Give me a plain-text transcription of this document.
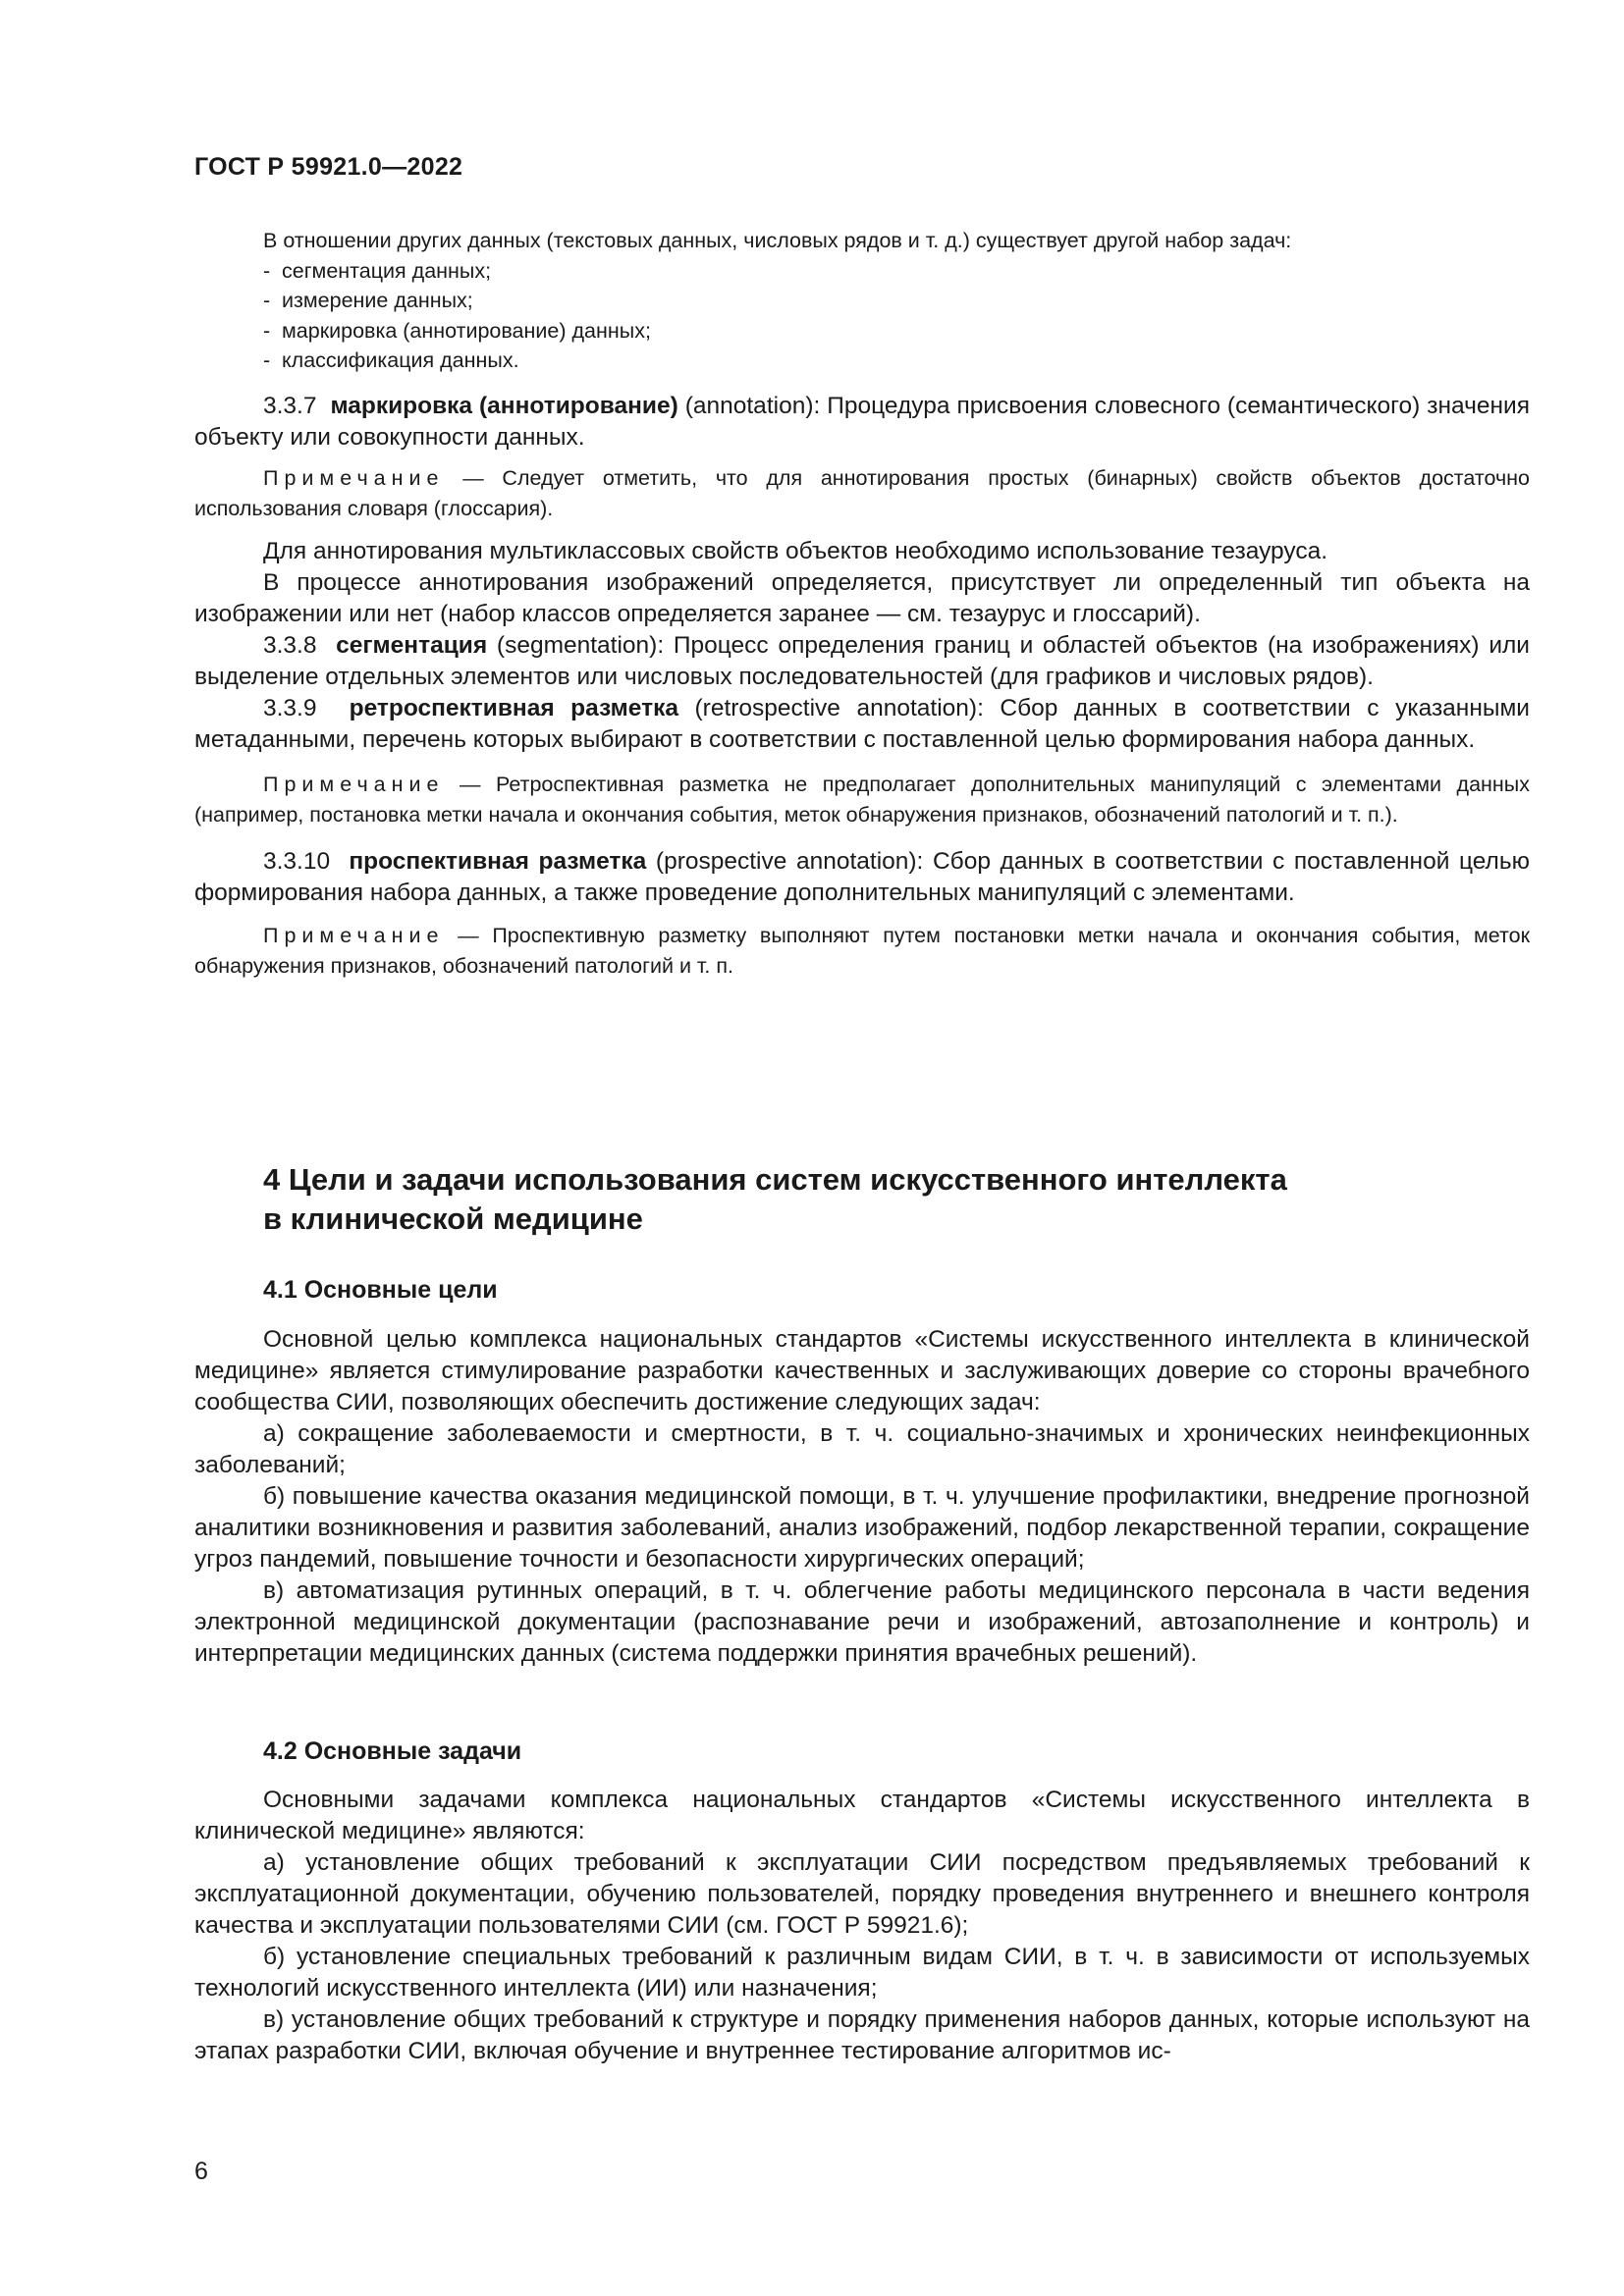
ГОСТ Р 59921.0—2022
В отношении других данных (текстовых данных, числовых рядов и т. д.) существует другой набор задач:
- сегментация данных;
- измерение данных;
- маркировка (аннотирование) данных;
- классификация данных.

3.3.7 маркировка (аннотирование) (annotation): Процедура присвоения словесного (семантического) значения объекту или совокупности данных.

Примечание — Следует отметить, что для аннотирования простых (бинарных) свойств объектов достаточно использования словаря (глоссария).

Для аннотирования мультиклассовых свойств объектов необходимо использование тезауруса.

В процессе аннотирования изображений определяется, присутствует ли определенный тип объекта на изображении или нет (набор классов определяется заранее — см. тезаурус и глоссарий).

3.3.8 сегментация (segmentation): Процесс определения границ и областей объектов (на изображениях) или выделение отдельных элементов или числовых последовательностей (для графиков и числовых рядов).

3.3.9 ретроспективная разметка (retrospective annotation): Сбор данных в соответствии с указанными метаданными, перечень которых выбирают в соответствии с поставленной целью формирования набора данных.

Примечание — Ретроспективная разметка не предполагает дополнительных манипуляций с элементами данных (например, постановка метки начала и окончания события, меток обнаружения признаков, обозначений патологий и т. п.).

3.3.10 проспективная разметка (prospective annotation): Сбор данных в соответствии с поставленной целью формирования набора данных, а также проведение дополнительных манипуляций с элементами.

Примечание — Проспективную разметку выполняют путем постановки метки начала и окончания события, меток обнаружения признаков, обозначений патологий и т. п.

4 Цели и задачи использования систем искусственного интеллекта
в клинической медицине
4.1 Основные цели

Основной целью комплекса национальных стандартов «Системы искусственного интеллекта в клинической медицине» является стимулирование разработки качественных и заслуживающих доверие со стороны врачебного сообщества СИИ, позволяющих обеспечить достижение следующих задач:

а) сокращение заболеваемости и смертности, в т. ч. социально-значимых и хронических неинфекционных заболеваний;

б) повышение качества оказания медицинской помощи, в т. ч. улучшение профилактики, внедрение прогнозной аналитики возникновения и развития заболеваний, анализ изображений, подбор лекарственной терапии, сокращение угроз пандемий, повышение точности и безопасности хирургических операций;

в) автоматизация рутинных операций, в т. ч. облегчение работы медицинского персонала в части ведения электронной медицинской документации (распознавание речи и изображений, автозаполнение и контроль) и интерпретации медицинских данных (система поддержки принятия врачебных решений).

4.2 Основные задачи

Основными задачами комплекса национальных стандартов «Системы искусственного интеллекта в клинической медицине» являются:

а) установление общих требований к эксплуатации СИИ посредством предъявляемых требований к эксплуатационной документации, обучению пользователей, порядку проведения внутреннего и внешнего контроля качества и эксплуатации пользователями СИИ (см. ГОСТ Р 59921.6);

б) установление специальных требований к различным видам СИИ, в т. ч. в зависимости от используемых технологий искусственного интеллекта (ИИ) или назначения;

в) установление общих требований к структуре и порядку применения наборов данных, которые используют на этапах разработки СИИ, включая обучение и внутреннее тестирование алгоритмов ис-

6
